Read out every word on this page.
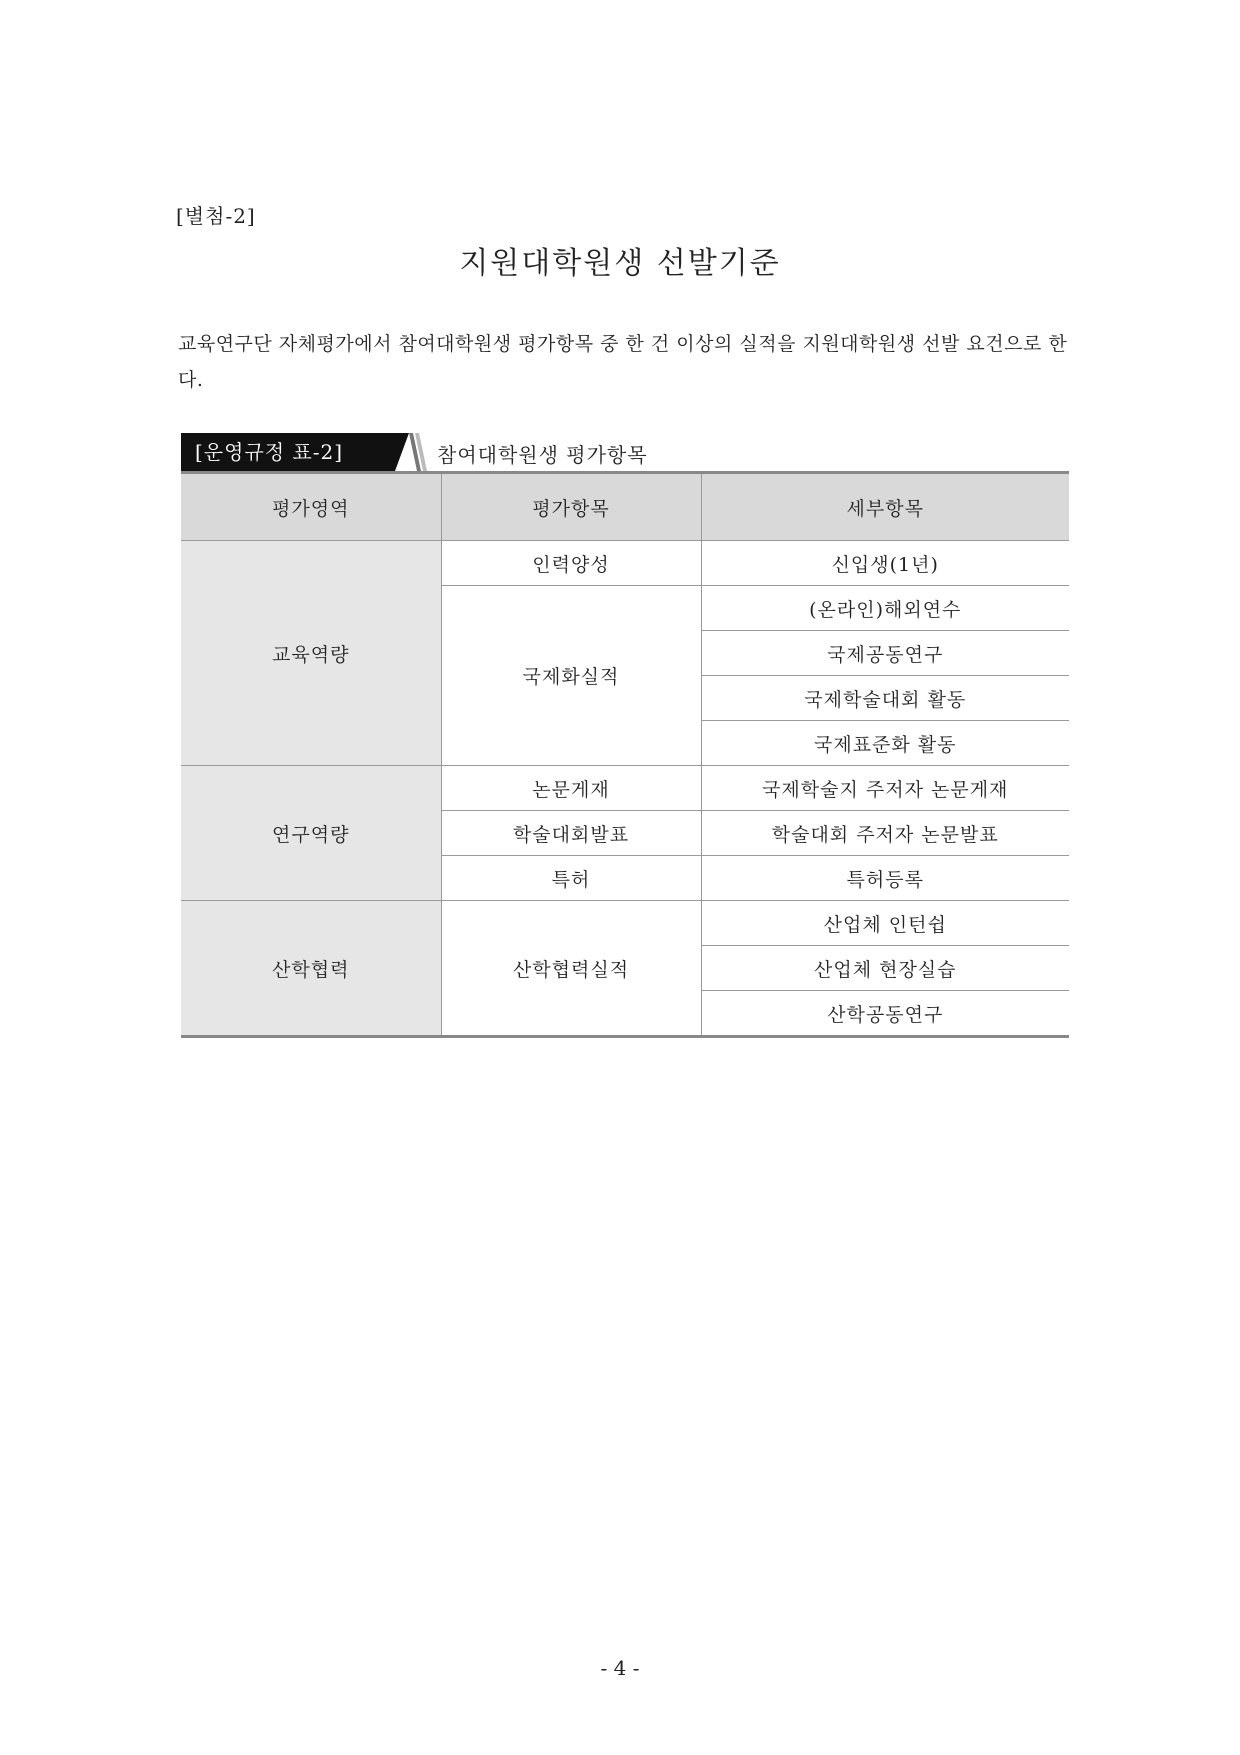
[별첨-2]
지원대학원생 선발기준
교육연구단 자체평가에서 참여대학원생 평가항목 중 한 건 이상의 실적을 지원대학원생 선발 요건으로 한다.
[운영규정 표-2]	참여대학원생 평가항목
평가영역	평가항목	세부항목
교육역량	인력양성	신입생(1년)
	국제화실적	(온라인)해외연수
		국제공동연구
		국제학술대회 활동
		국제표준화 활동
연구역량	논문게재	국제학술지 주저자 논문게재
	학술대회발표	학술대회 주저자 논문발표
	특허	특허등록
산학협력	산학협력실적	산업체 인턴쉽
		산업체 현장실습
		산학공동연구
- 4 -
